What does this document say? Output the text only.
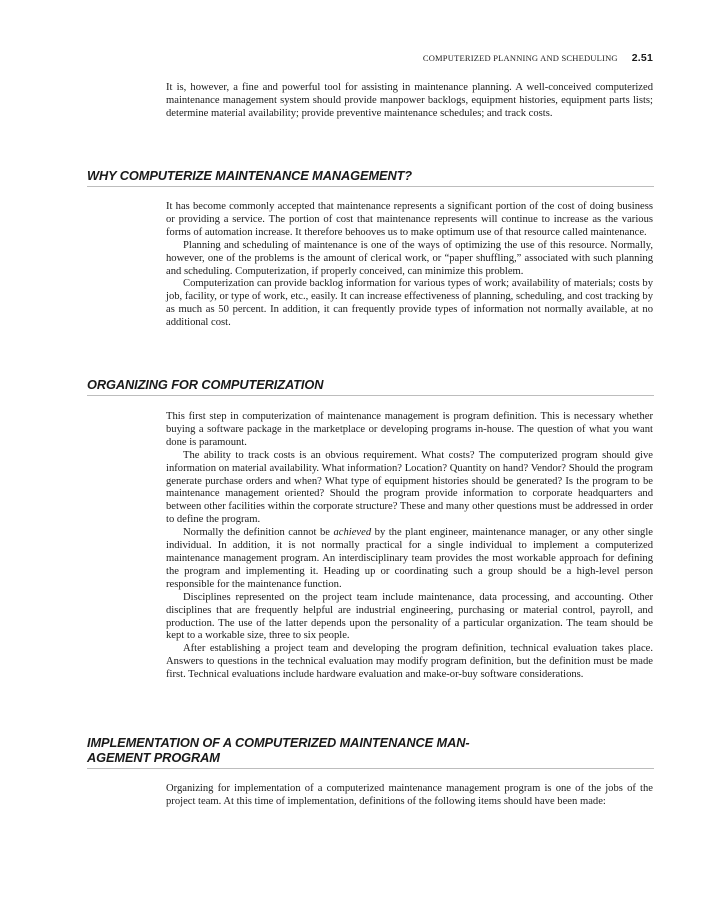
COMPUTERIZED PLANNING AND SCHEDULING 2.51

It is, however, a fine and powerful tool for assisting in maintenance planning. A well-conceived computerized maintenance management system should provide manpower backlogs, equipment histories, equipment parts lists; determine material availability; provide preventive maintenance schedules; and track costs.

WHY COMPUTERIZE MAINTENANCE MANAGEMENT?

It has become commonly accepted that maintenance represents a significant portion of the cost of doing business or providing a service. The portion of cost that maintenance represents will continue to increase as the various forms of automation increase. It therefore behooves us to make optimum use of that resource called maintenance.

Planning and scheduling of maintenance is one of the ways of optimizing the use of this resource. Normally, however, one of the problems is the amount of clerical work, or “paper shuffling,” associated with such planning and scheduling. Computerization, if properly conceived, can minimize this problem.

Computerization can provide backlog information for various types of work; availability of materials; costs by job, facility, or type of work, etc., easily. It can increase effectiveness of planning, scheduling, and cost tracking by as much as 50 percent. In addition, it can frequently provide types of information not normally available, at no additional cost.

ORGANIZING FOR COMPUTERIZATION

This first step in computerization of maintenance management is program definition. This is necessary whether buying a software package in the marketplace or developing programs in-house. The question of what you want done is paramount.

The ability to track costs is an obvious requirement. What costs? The computerized program should give information on material availability. What information? Location? Quantity on hand? Vendor? Should the program generate purchase orders and when? What type of equipment histories should be generated? Is the program to be maintenance management oriented? Should the program provide information to corporate headquarters and between other facilities within the corporate structure? These and many other questions must be addressed in order to define the program.

Normally the definition cannot be achieved by the plant engineer, maintenance manager, or any other single individual. In addition, it is not normally practical for a single individual to implement a computerized maintenance management program. An interdisciplinary team provides the most workable approach for defining the program and implementing it. Heading up or coordinating such a group should be a high-level person responsible for the maintenance function.

Disciplines represented on the project team include maintenance, data processing, and accounting. Other disciplines that are frequently helpful are industrial engineering, purchasing or material control, payroll, and production. The use of the latter depends upon the personality of a particular organization. The team should be kept to a workable size, three to six people.

After establishing a project team and developing the program definition, technical evaluation takes place. Answers to questions in the technical evaluation may modify program definition, but the definition must be made first. Technical evaluations include hardware evaluation and make-or-buy software considerations.

IMPLEMENTATION OF A COMPUTERIZED MAINTENANCE MAN-
AGEMENT PROGRAM

Organizing for implementation of a computerized maintenance management program is one of the jobs of the project team. At this time of implementation, definitions of the following items should have been made:
